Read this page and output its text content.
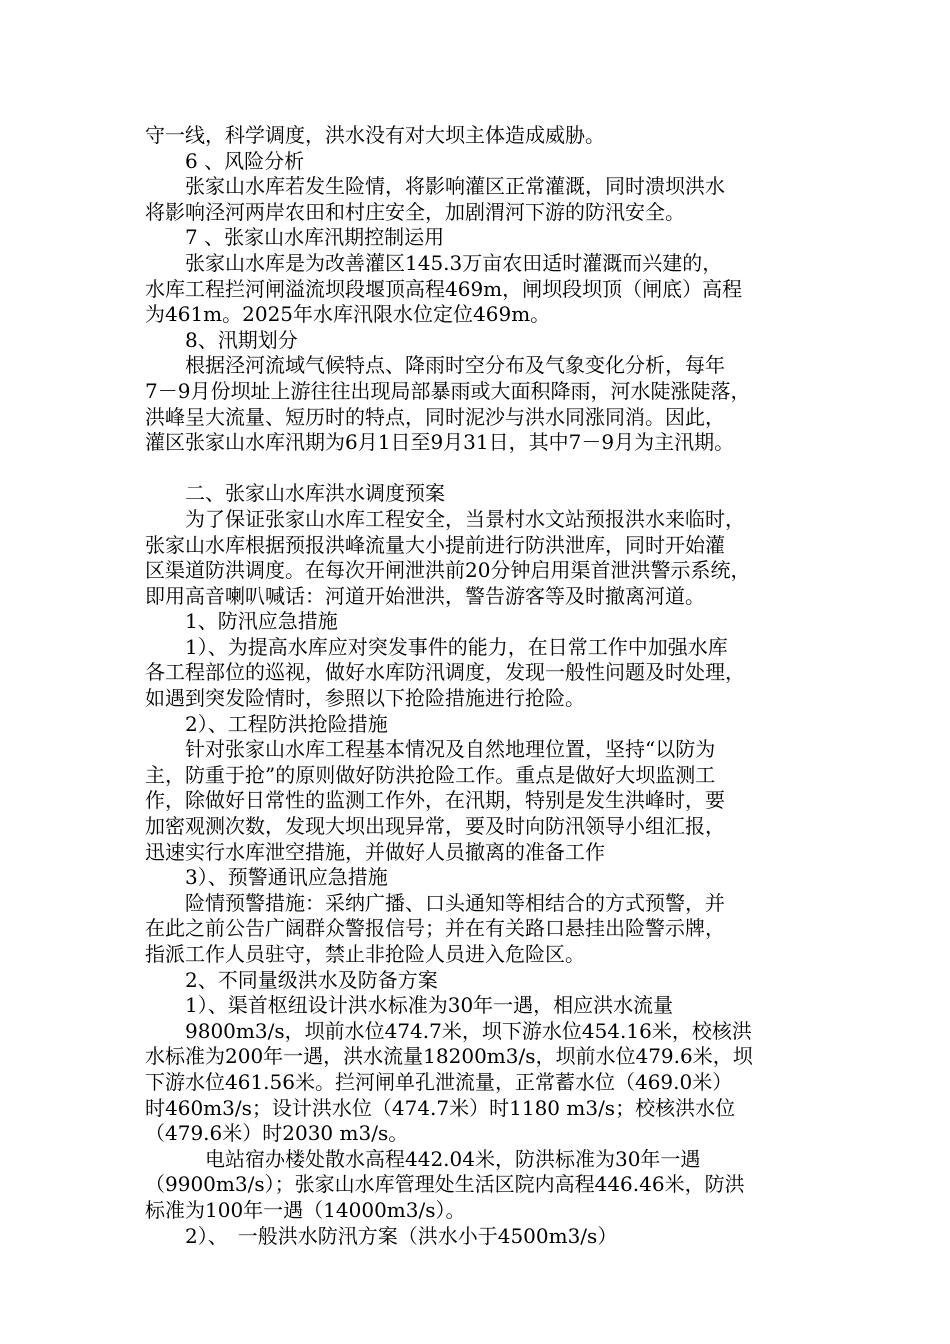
守一线，科学调度，洪水没有对大坝主体造成威胁。
　　6 、风险分析
　　张家山水库若发生险情，将影响灌区正常灌溉，同时溃坝洪水
将影响泾河两岸农田和村庄安全，加剧渭河下游的防汛安全。
　　7 、张家山水库汛期控制运用
　　张家山水库是为改善灌区145.3万亩农田适时灌溉而兴建的，
水库工程拦河闸溢流坝段堰顶高程469m，闸坝段坝顶（闸底）高程
为461m。2025年水库汛限水位定位469m。
　　8、汛期划分
　　根据泾河流域气候特点、降雨时空分布及气象变化分析，每年
7－9月份坝址上游往往出现局部暴雨或大面积降雨，河水陡涨陡落，
洪峰呈大流量、短历时的特点，同时泥沙与洪水同涨同消。因此，
灌区张家山水库汛期为6月1日至9月31日，其中7－9月为主汛期。
　　二、张家山水库洪水调度预案
　　为了保证张家山水库工程安全，当景村水文站预报洪水来临时，
张家山水库根据预报洪峰流量大小提前进行防洪泄库，同时开始灌
区渠道防洪调度。在每次开闸泄洪前20分钟启用渠首泄洪警示系统，
即用高音喇叭喊话：河道开始泄洪，警告游客等及时撤离河道。
　　1、防汛应急措施
　　1）、为提高水库应对突发事件的能力，在日常工作中加强水库
各工程部位的巡视，做好水库防汛调度，发现一般性问题及时处理，
如遇到突发险情时，参照以下抢险措施进行抢险。
　　2）、工程防洪抢险措施
　　针对张家山水库工程基本情况及自然地理位置，坚持“以防为
主，防重于抢”的原则做好防洪抢险工作。重点是做好大坝监测工
作，除做好日常性的监测工作外，在汛期，特别是发生洪峰时，要
加密观测次数，发现大坝出现异常，要及时向防汛领导小组汇报，
迅速实行水库泄空措施，并做好人员撤离的准备工作
　　3）、预警通讯应急措施
　　险情预警措施：采纳广播、口头通知等相结合的方式预警，并
在此之前公告广阔群众警报信号；并在有关路口悬挂出险警示牌，
指派工作人员驻守，禁止非抢险人员进入危险区。
　　2、不同量级洪水及防备方案
　　1）、渠首枢纽设计洪水标准为30年一遇，相应洪水流量
　　9800m3/s，坝前水位474.7米，坝下游水位454.16米，校核洪
水标准为200年一遇，洪水流量18200m3/s，坝前水位479.6米，坝
下游水位461.56米。拦河闸单孔泄流量，正常蓄水位（469.0米）
时460m3/s；设计洪水位（474.7米）时1180 m3/s；校核洪水位
（479.6米）时2030 m3/s。
　　　电站宿办楼处散水高程442.04米，防洪标准为30年一遇
（9900m3/s）；张家山水库管理处生活区院内高程446.46米，防洪
标准为100年一遇（14000m3/s）。
　　2）、　一般洪水防汛方案（洪水小于4500m3/s）
